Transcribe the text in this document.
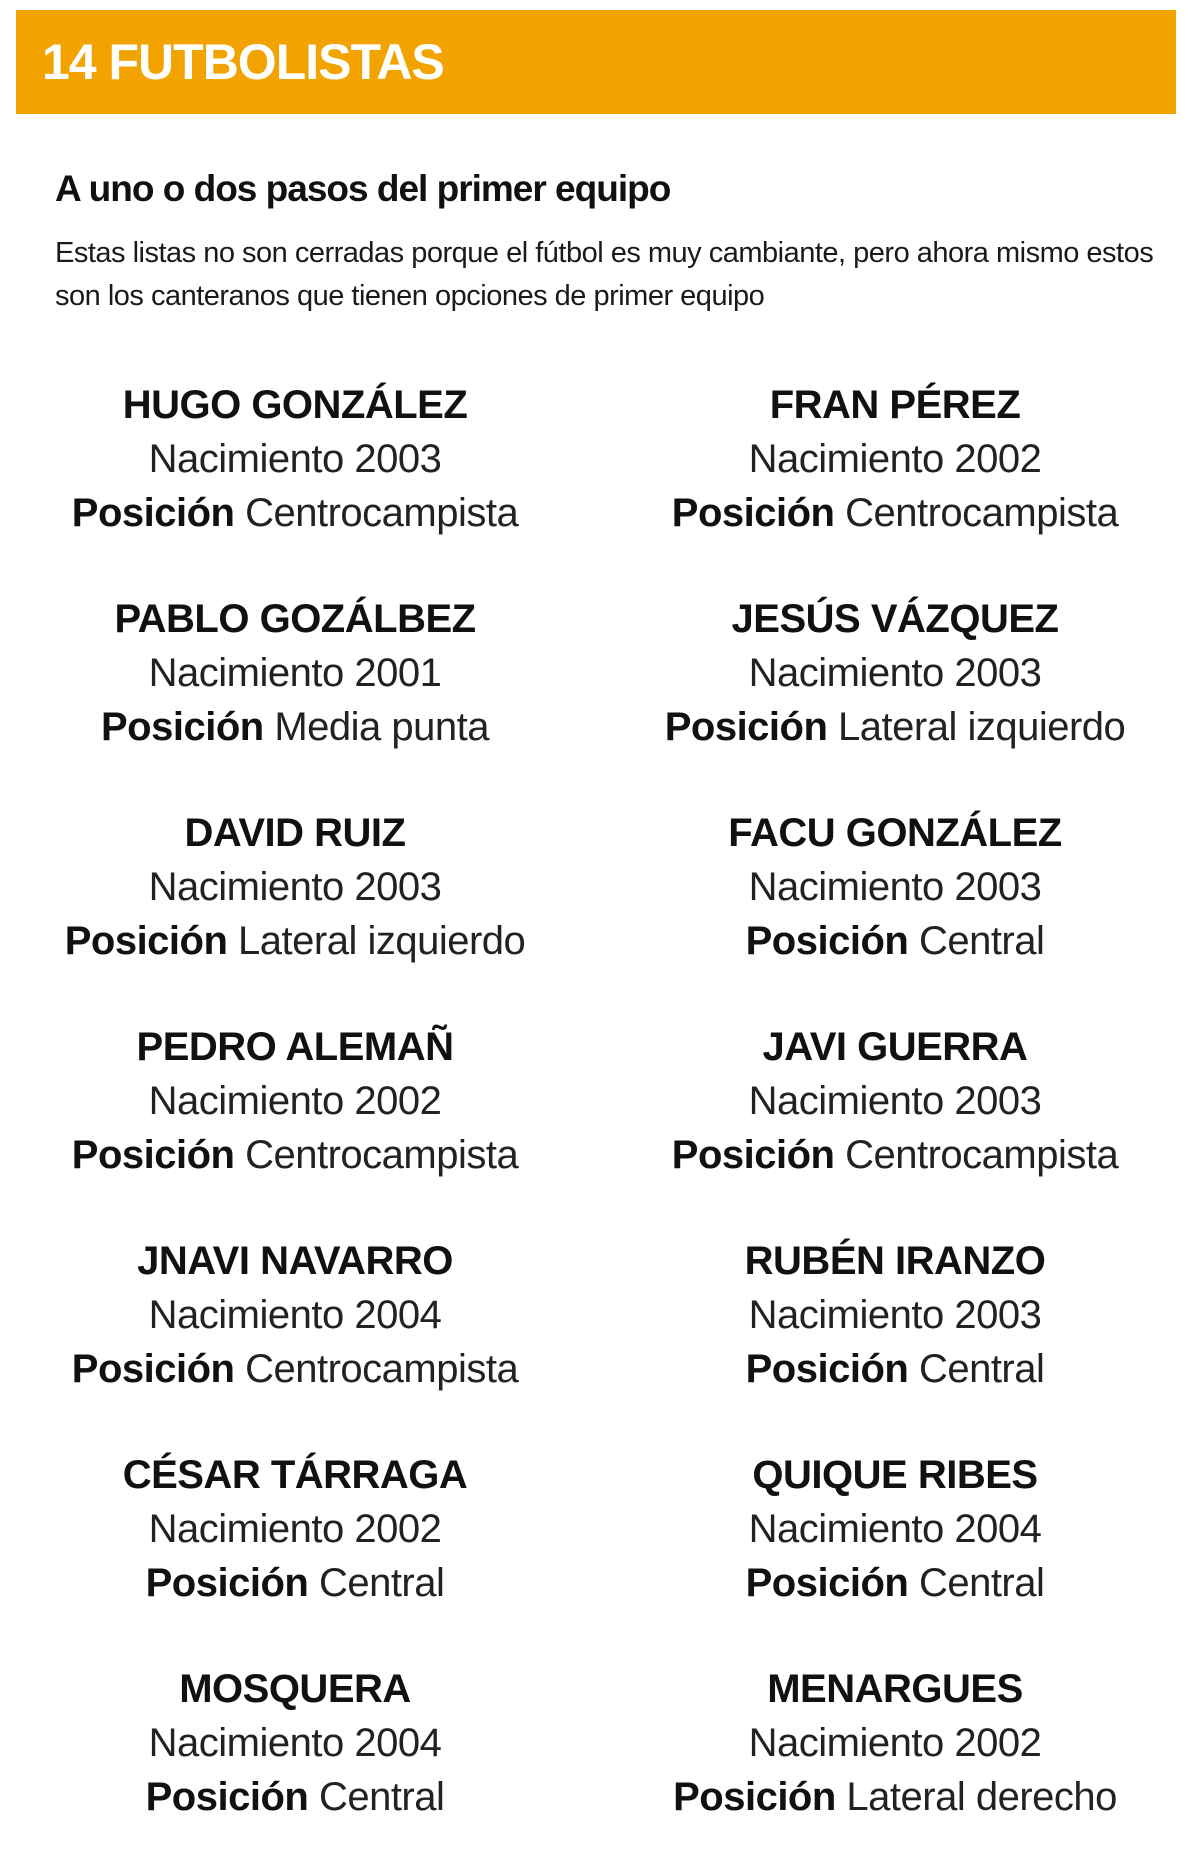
14 FUTBOLISTAS
A uno o dos pasos del primer equipo
Estas listas no son cerradas porque el fútbol es muy cambiante, pero ahora mismo estos son los canteranos que tienen opciones de primer equipo
HUGO GONZÁLEZ
Nacimiento 2003
Posición Centrocampista
FRAN PÉREZ
Nacimiento 2002
Posición Centrocampista
PABLO GOZÁLBEZ
Nacimiento 2001
Posición Media punta
JESÚS VÁZQUEZ
Nacimiento 2003
Posición Lateral izquierdo
DAVID RUIZ
Nacimiento 2003
Posición Lateral izquierdo
FACU GONZÁLEZ
Nacimiento 2003
Posición Central
PEDRO ALEMAÑ
Nacimiento 2002
Posición Centrocampista
JAVI GUERRA
Nacimiento 2003
Posición Centrocampista
JNAVI NAVARRO
Nacimiento 2004
Posición Centrocampista
RUBÉN IRANZO
Nacimiento 2003
Posición Central
CÉSAR TÁRRAGA
Nacimiento 2002
Posición Central
QUIQUE RIBES
Nacimiento 2004
Posición Central
MOSQUERA
Nacimiento 2004
Posición Central
MENARGUES
Nacimiento 2002
Posición Lateral derecho
